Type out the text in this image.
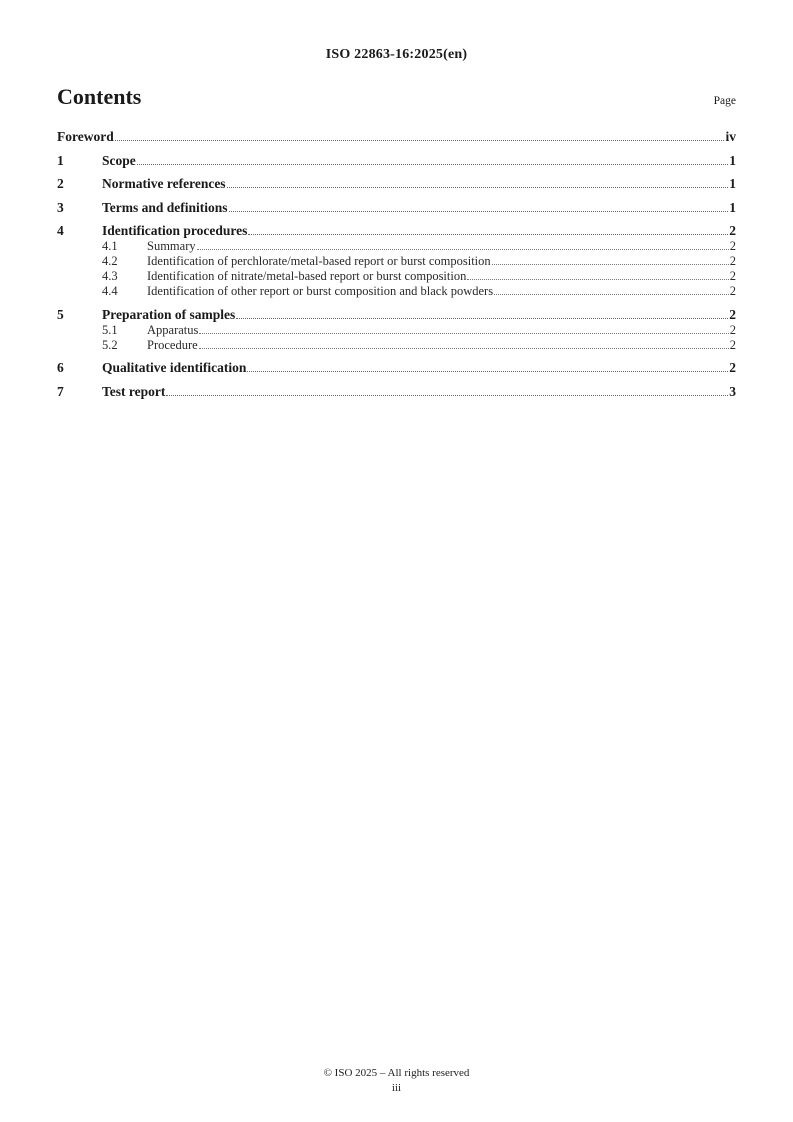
ISO 22863-16:2025(en)
Contents	Page
Foreword	iv
1	Scope	1
2	Normative references	1
3	Terms and definitions	1
4	Identification procedures	2
4.1	Summary	2
4.2	Identification of perchlorate/metal-based report or burst composition	2
4.3	Identification of nitrate/metal-based report or burst composition	2
4.4	Identification of other report or burst composition and black powders	2
5	Preparation of samples	2
5.1	Apparatus	2
5.2	Procedure	2
6	Qualitative identification	2
7	Test report	3
© ISO 2025 – All rights reserved
iii
